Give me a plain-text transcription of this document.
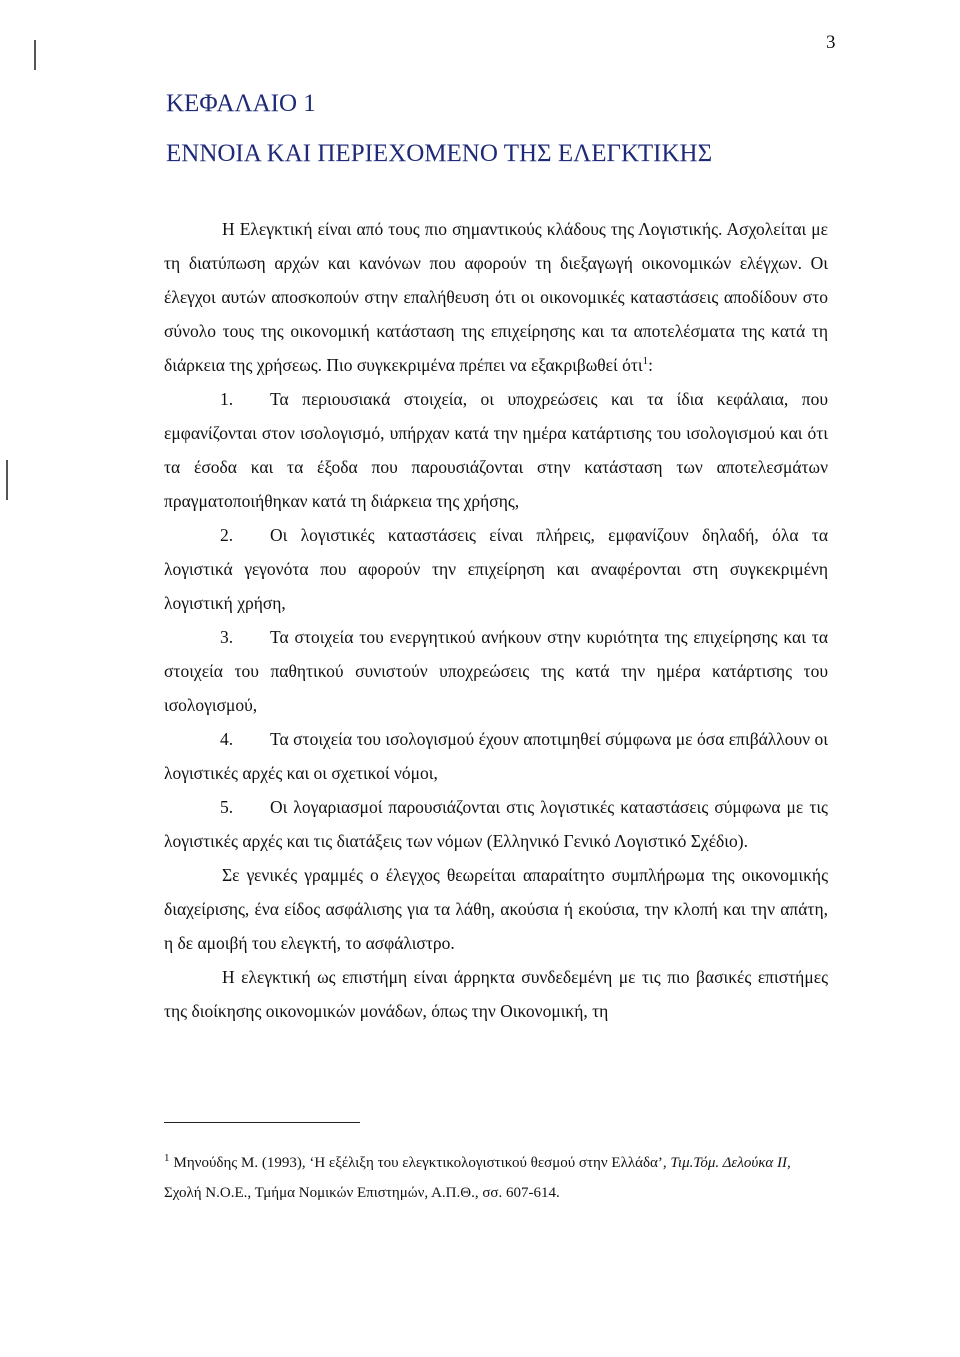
3
ΚΕΦΑΛΑΙΟ 1
ΕΝΝΟΙΑ ΚΑΙ ΠΕΡΙΕΧΟΜΕΝΟ ΤΗΣ ΕΛΕΓΚΤΙΚΗΣ

Η Ελεγκτική είναι από τους πιο σημαντικούς κλάδους της Λογιστικής. Ασχολείται με τη διατύπωση αρχών και κανόνων που αφορούν τη διεξαγωγή οικονομικών ελέγχων. Οι έλεγχοι αυτών αποσκοπούν στην επαλήθευση ότι οι οικονομικές καταστάσεις αποδίδουν στο σύνολο τους της οικονομική κατάσταση της επιχείρησης και τα αποτελέσματα της κατά τη διάρκεια της χρήσεως. Πιο συγκεκριμένα πρέπει να εξακριβωθεί ότι$^1$:

1. Τα περιουσιακά στοιχεία, οι υποχρεώσεις και τα ίδια κεφάλαια, που εμφανίζονται στον ισολογισμό, υπήρχαν κατά την ημέρα κατάρτισης του ισολογισμού και ότι τα έσοδα και τα έξοδα που παρουσιάζονται στην κατάσταση των αποτελεσμάτων πραγματοποιήθηκαν κατά τη διάρκεια της χρήσης,

2. Οι λογιστικές καταστάσεις είναι πλήρεις, εμφανίζουν δηλαδή, όλα τα λογιστικά γεγονότα που αφορούν την επιχείρηση και αναφέρονται στη συγκεκριμένη λογιστική χρήση,

3. Τα στοιχεία του ενεργητικού ανήκουν στην κυριότητα της επιχείρησης και τα στοιχεία του παθητικού συνιστούν υποχρεώσεις της κατά την ημέρα κατάρτισης του ισολογισμού,

4. Τα στοιχεία του ισολογισμού έχουν αποτιμηθεί σύμφωνα με όσα επιβάλλουν οι λογιστικές αρχές και οι σχετικοί νόμοι,

5. Οι λογαριασμοί παρουσιάζονται στις λογιστικές καταστάσεις σύμφωνα με τις λογιστικές αρχές και τις διατάξεις των νόμων (Ελληνικό Γενικό Λογιστικό Σχέδιο).

Σε γενικές γραμμές ο έλεγχος θεωρείται απαραίτητο συμπλήρωμα της οικονομικής διαχείρισης, ένα είδος ασφάλισης για τα λάθη, ακούσια ή εκούσια, την κλοπή και την απάτη, η δε αμοιβή του ελεγκτή, το ασφάλιστρο.

Η ελεγκτική ως επιστήμη είναι άρρηκτα συνδεδεμένη με τις πιο βασικές επιστήμες της διοίκησης οικονομικών μονάδων, όπως την Οικονομική, τη

$^1$ Μηνούδης Μ. (1993), ‘Η εξέλιξη του ελεγκτικολογιστικού θεσμού στην Ελλάδα’, Τιμ.Τόμ. Δελούκα ΙΙ, Σχολή Ν.Ο.Ε., Τμήμα Νομικών Επιστημών, Α.Π.Θ., σσ. 607-614.
